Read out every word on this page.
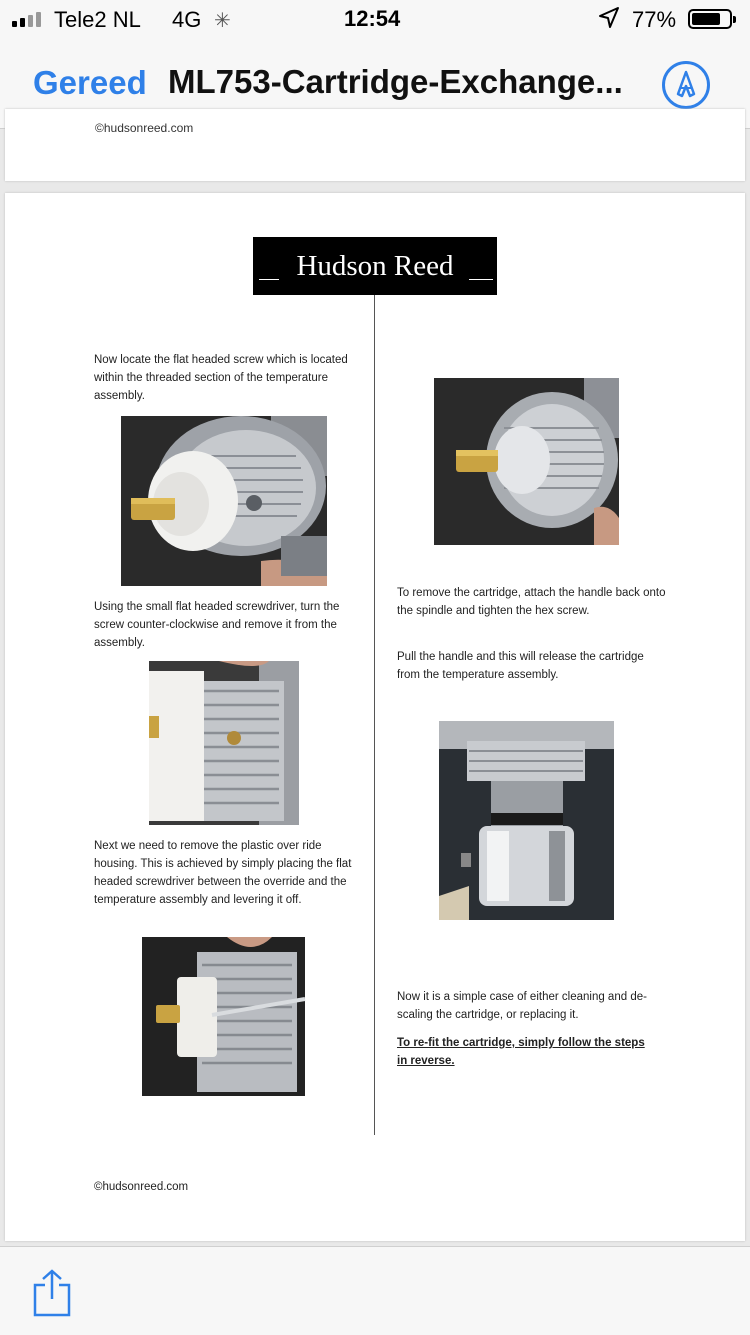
Tele2 NL 4G ✳	12:54	77%
Gereed ML753-Cartridge-Exchange...
©hudsonreed.com
Hudson Reed
Now locate the flat headed screw which is located within the threaded section of the temperature assembly.
Using the small flat headed screwdriver, turn the screw counter-clockwise and remove it from the assembly.
Next we need to remove the plastic over ride housing. This is achieved by simply placing the flat headed screwdriver between the override and the temperature assembly and levering it off.
To remove the cartridge, attach the handle back onto the spindle and tighten the hex screw.
Pull the handle and this will release the cartridge from the temperature assembly.
Now it is a simple case of either cleaning and de-scaling the cartridge, or replacing it.
To re-fit the cartridge, simply follow the steps in reverse.
©hudsonreed.com
